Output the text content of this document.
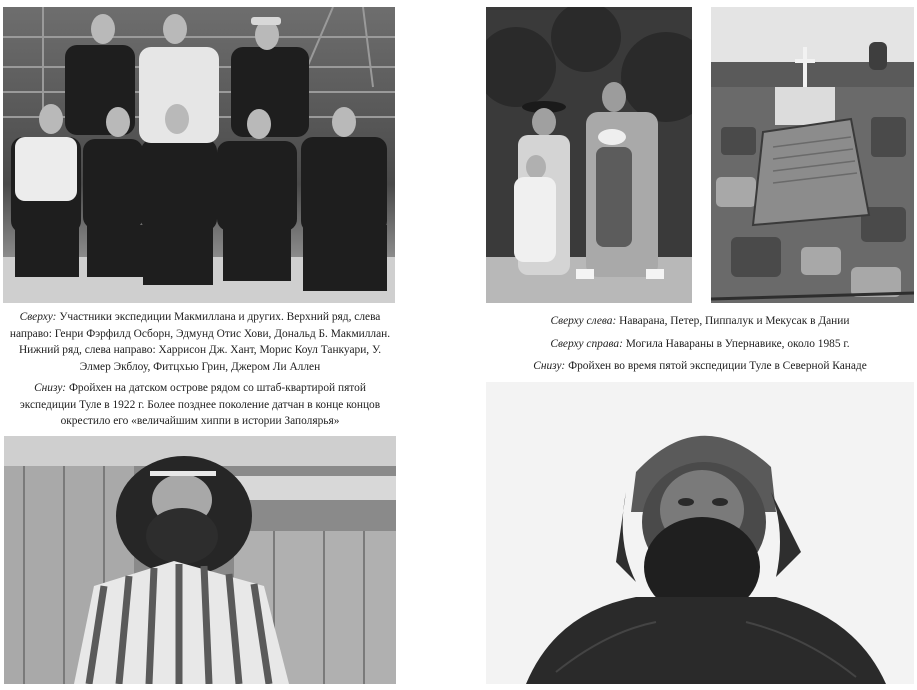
Сверху: Участники экспедиции Макмиллана и других. Верхний ряд, слева направо: Генри Фэрфилд Осборн, Эдмунд Отис Хови, Дональд Б. Макмиллан. Нижний ряд, слева направо: Харрисон Дж. Хант, Морис Коул Танкуари, У. Элмер Экблоу, Фитцхью Грин, Джером Ли Аллен

Снизу: Фройхен на датском острове рядом со штаб-квартирой пятой экспедиции Туле в 1922 г. Более позднее поколение датчан в конце концов окрестило его «величайшим хиппи в истории Заполярья»

Сверху слева: Наварана, Петер, Пиппалук и Мекусак в Дании

Сверху справа: Могила Навараны в Упернавике, около 1985 г.

Снизу: Фройхен во время пятой экспедиции Туле в Северной Канаде
